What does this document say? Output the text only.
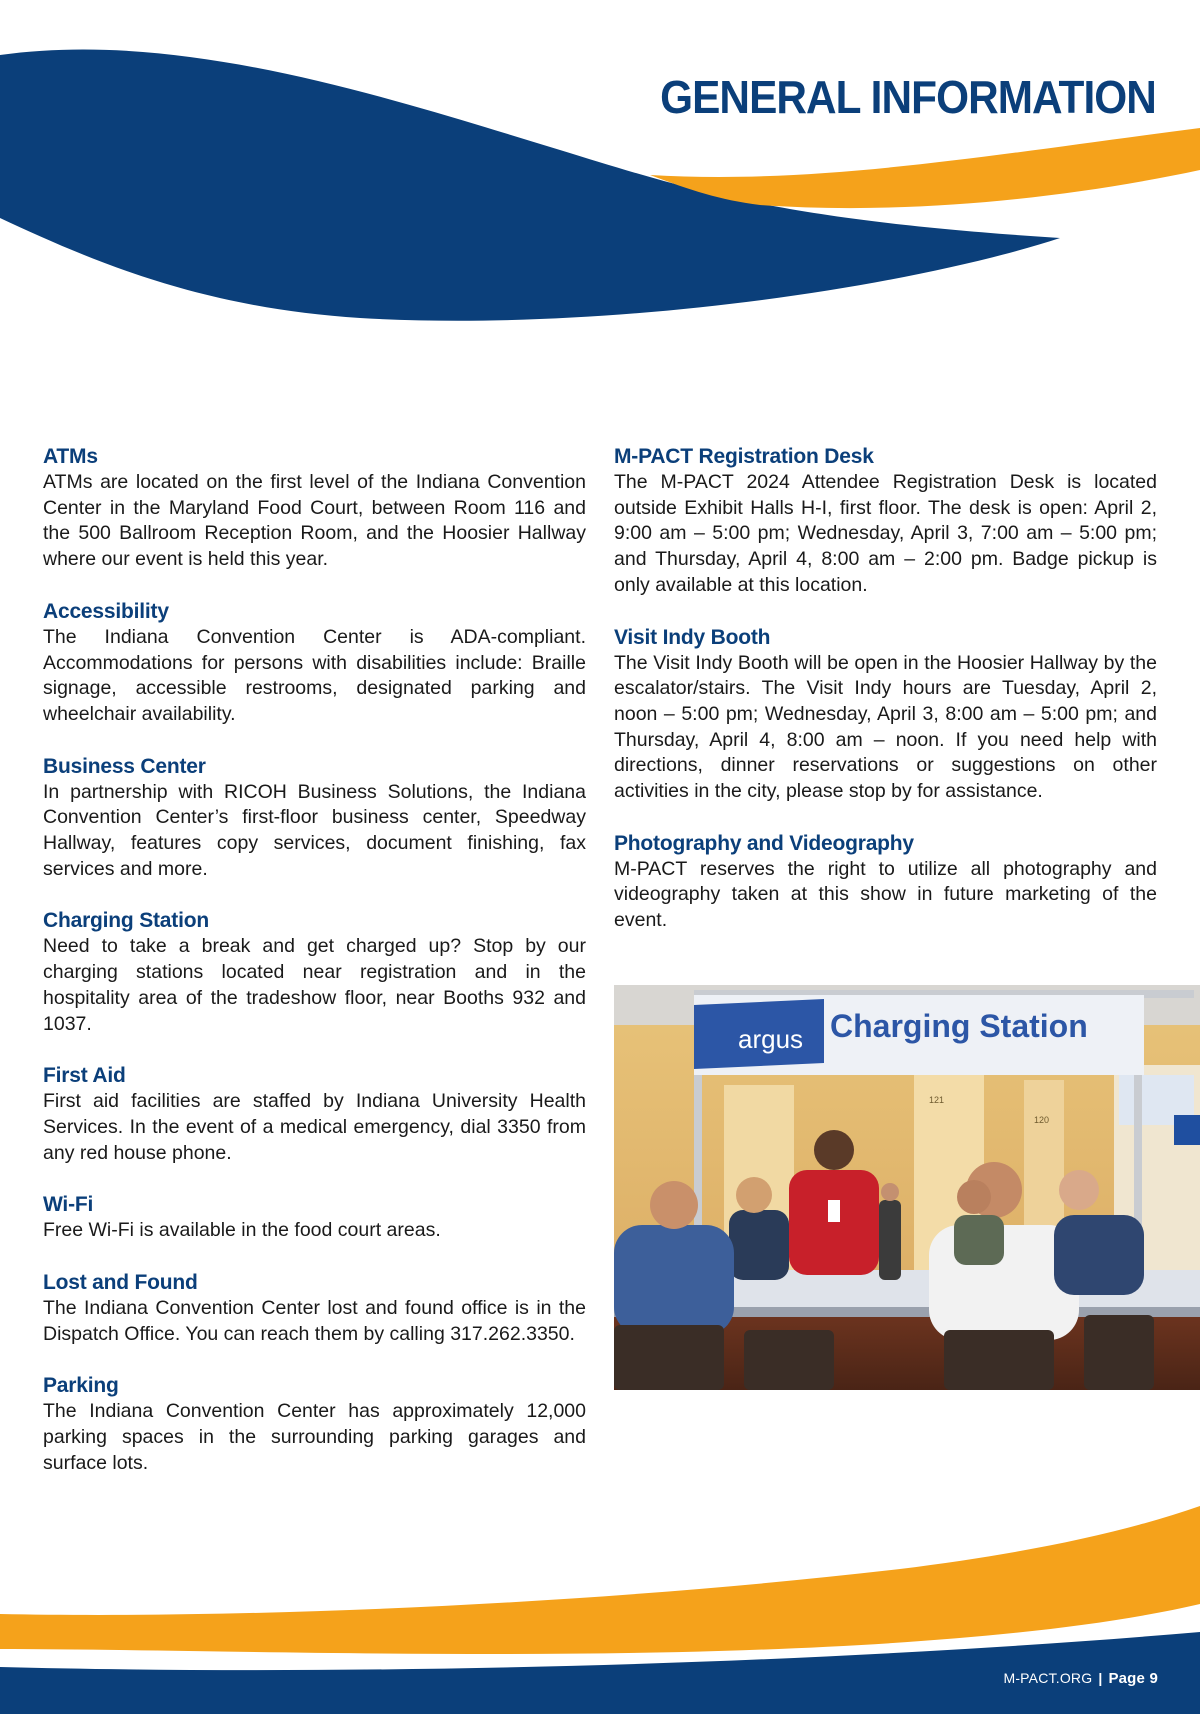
GENERAL INFORMATION
ATMs

ATMs are located on the first level of the Indiana Convention Center in the Maryland Food Court, between Room 116 and the 500 Ballroom Reception Room, and the Hoosier Hallway where our event is held this year.

Accessibility

The Indiana Convention Center is ADA-compliant. Accommodations for persons with disabilities include: Braille signage, accessible restrooms, designated parking and wheelchair availability.

Business Center

In partnership with RICOH Business Solutions, the Indiana Convention Center’s first-floor business center, Speedway Hallway, features copy services, document finishing, fax services and more.

Charging Station

Need to take a break and get charged up? Stop by our charging stations located near registration and in the hospitality area of the tradeshow floor, near Booths 932 and 1037.

First Aid

First aid facilities are staffed by Indiana University Health Services. In the event of a medical emergency, dial 3350 from any red house phone.

Wi-Fi

Free Wi-Fi is available in the food court areas.

Lost and Found

The Indiana Convention Center lost and found office is in the Dispatch Office. You can reach them by calling 317.262.3350.

Parking

The Indiana Convention Center has approximately 12,000 parking spaces in the surrounding parking garages and surface lots.

M-PACT Registration Desk

The M-PACT 2024 Attendee Registration Desk is located outside Exhibit Halls H-I, first floor. The desk is open: April 2, 9:00 am – 5:00 pm; Wednesday, April 3, 7:00 am – 5:00 pm; and Thursday, April 4, 8:00 am – 2:00 pm. Badge pickup is only available at this location.

Visit Indy Booth

The Visit Indy Booth will be open in the Hoosier Hallway by the escalator/stairs. The Visit Indy hours are Tuesday, April 2, noon – 5:00 pm; Wednesday, April 3, 8:00 am – 5:00 pm; and Thursday, April 4, 8:00 am – noon. If you need help with directions, dinner reservations or suggestions on other activities in the city, please stop by for assistance.

Photography and Videography

M-PACT reserves the right to utilize all photography and videography taken at this show in future marketing of the event.

argus Charging Station
121
120
M-PACT.ORG | Page 9
